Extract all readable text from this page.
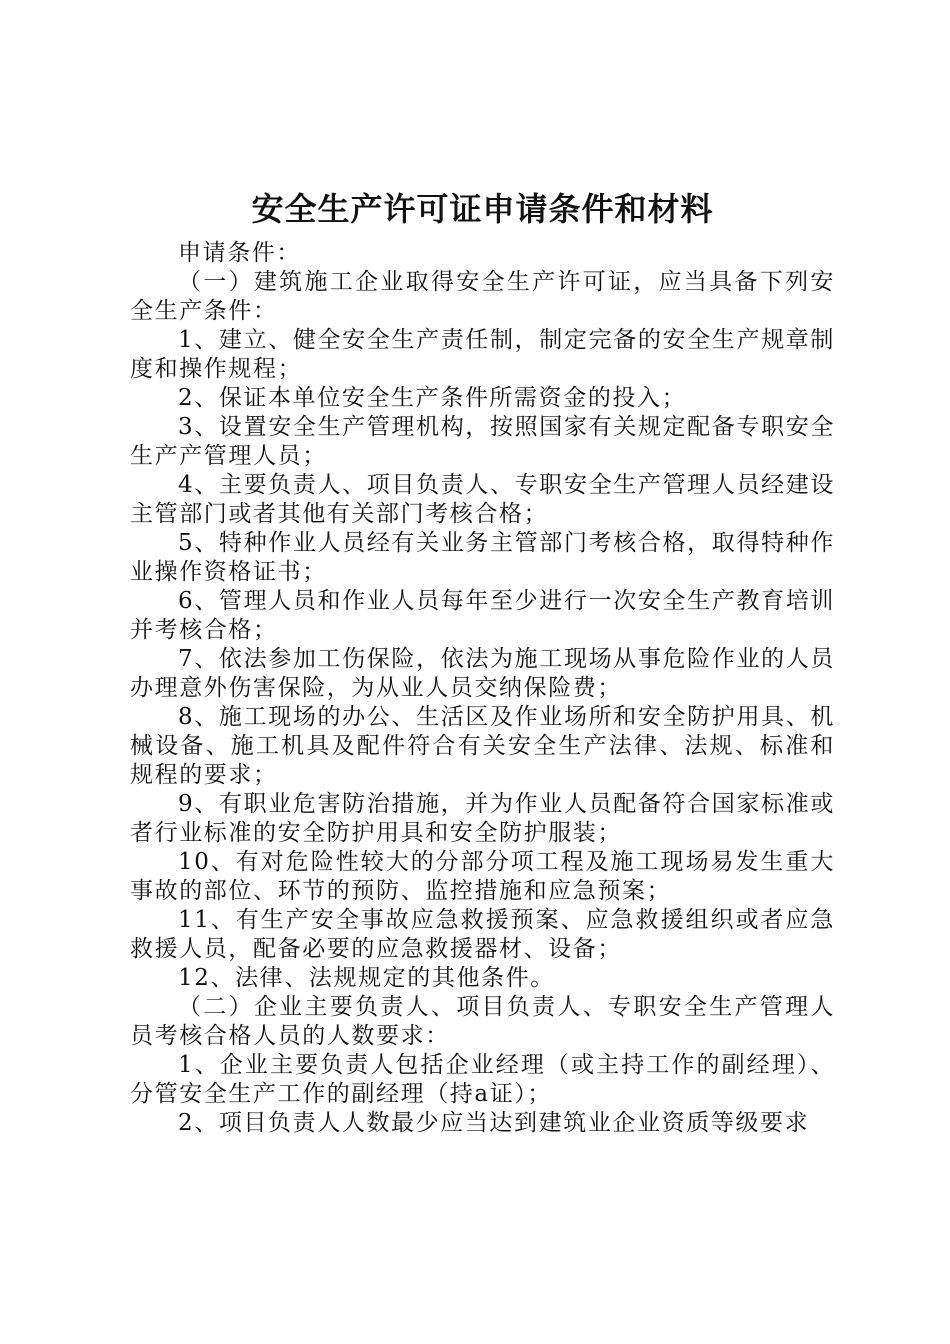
安全生产许可证申请条件和材料

申请条件：

（一）建筑施工企业取得安全生产许可证，应当具备下列安全生产条件：

1、建立、健全安全生产责任制，制定完备的安全生产规章制度和操作规程；

2、保证本单位安全生产条件所需资金的投入；

3、设置安全生产管理机构，按照国家有关规定配备专职安全生产产管理人员；

4、主要负责人、项目负责人、专职安全生产管理人员经建设主管部门或者其他有关部门考核合格；

5、特种作业人员经有关业务主管部门考核合格，取得特种作业操作资格证书；

6、管理人员和作业人员每年至少进行一次安全生产教育培训并考核合格；

7、依法参加工伤保险，依法为施工现场从事危险作业的人员办理意外伤害保险，为从业人员交纳保险费；

8、施工现场的办公、生活区及作业场所和安全防护用具、机械设备、施工机具及配件符合有关安全生产法律、法规、标准和规程的要求；

9、有职业危害防治措施，并为作业人员配备符合国家标准或者行业标准的安全防护用具和安全防护服装；

10、有对危险性较大的分部分项工程及施工现场易发生重大事故的部位、环节的预防、监控措施和应急预案；

11、有生产安全事故应急救援预案、应急救援组织或者应急救援人员，配备必要的应急救援器材、设备；

12、法律、法规规定的其他条件。

（二）企业主要负责人、项目负责人、专职安全生产管理人员考核合格人员的人数要求：

1、企业主要负责人包括企业经理（或主持工作的副经理）、分管安全生产工作的副经理（持a证）；

2、项目负责人人数最少应当达到建筑业企业资质等级要求
